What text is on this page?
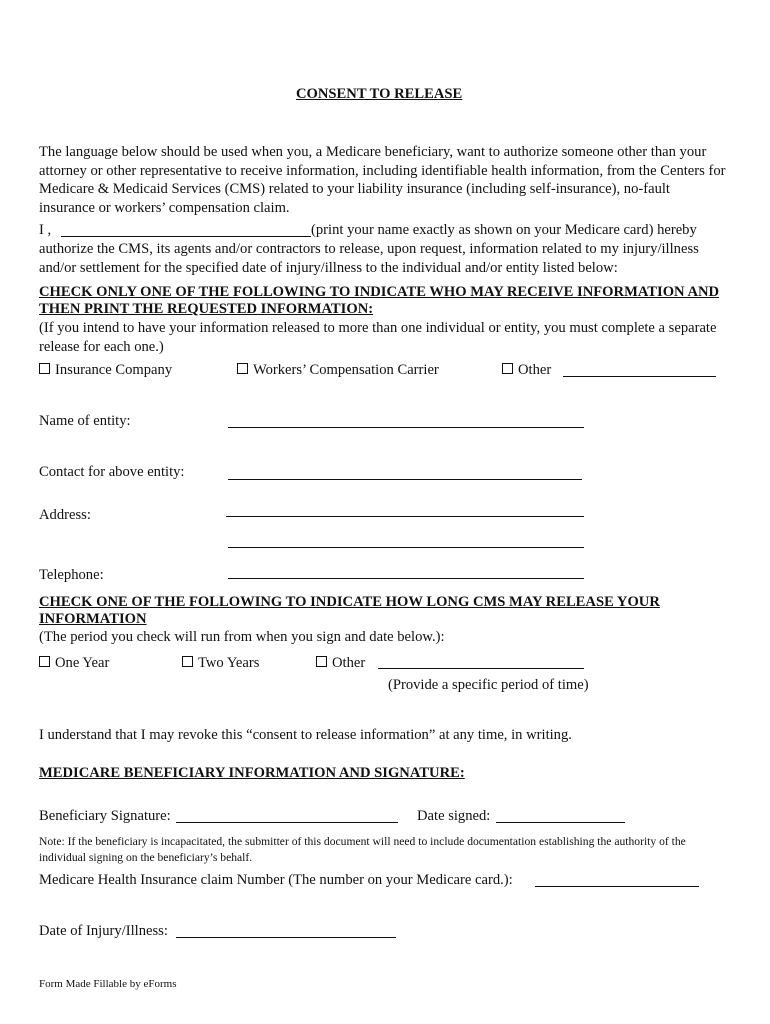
CONSENT TO RELEASE
The language below should be used when you, a Medicare beneficiary, want to authorize someone other than your attorney or other representative to receive information, including identifiable health information, from the Centers for Medicare & Medicaid Services (CMS) related to your liability insurance (including self-insurance), no-fault insurance or workers’ compensation claim.
I ,	(print your name exactly as shown on your Medicare card) hereby
authorize the CMS, its agents and/or contractors to release, upon request, information related to my injury/illness and/or settlement for the specified date of injury/illness to the individual and/or entity listed below:
CHECK ONLY ONE OF THE FOLLOWING TO INDICATE WHO MAY RECEIVE INFORMATION AND THEN PRINT THE REQUESTED INFORMATION:
(If you intend to have your information released to more than one individual or entity, you must complete a separate release for each one.)
Insurance Company	Workers’ Compensation Carrier	Other
Name of entity:
Contact for above entity:
Address:
Telephone:
CHECK ONE OF THE FOLLOWING TO INDICATE HOW LONG CMS MAY RELEASE YOUR INFORMATION
(The period you check will run from when you sign and date below.):
One Year	Two Years	Other
(Provide a specific period of time)
I understand that I may revoke this “consent to release information” at any time, in writing.
MEDICARE BENEFICIARY INFORMATION AND SIGNATURE:
Beneficiary Signature:	Date signed:
Note: If the beneficiary is incapacitated, the submitter of this document will need to include documentation establishing the authority of the individual signing on the beneficiary’s behalf.
Medicare Health Insurance claim Number (The number on your Medicare card.):
Date of Injury/Illness:
Form Made Fillable by eForms
